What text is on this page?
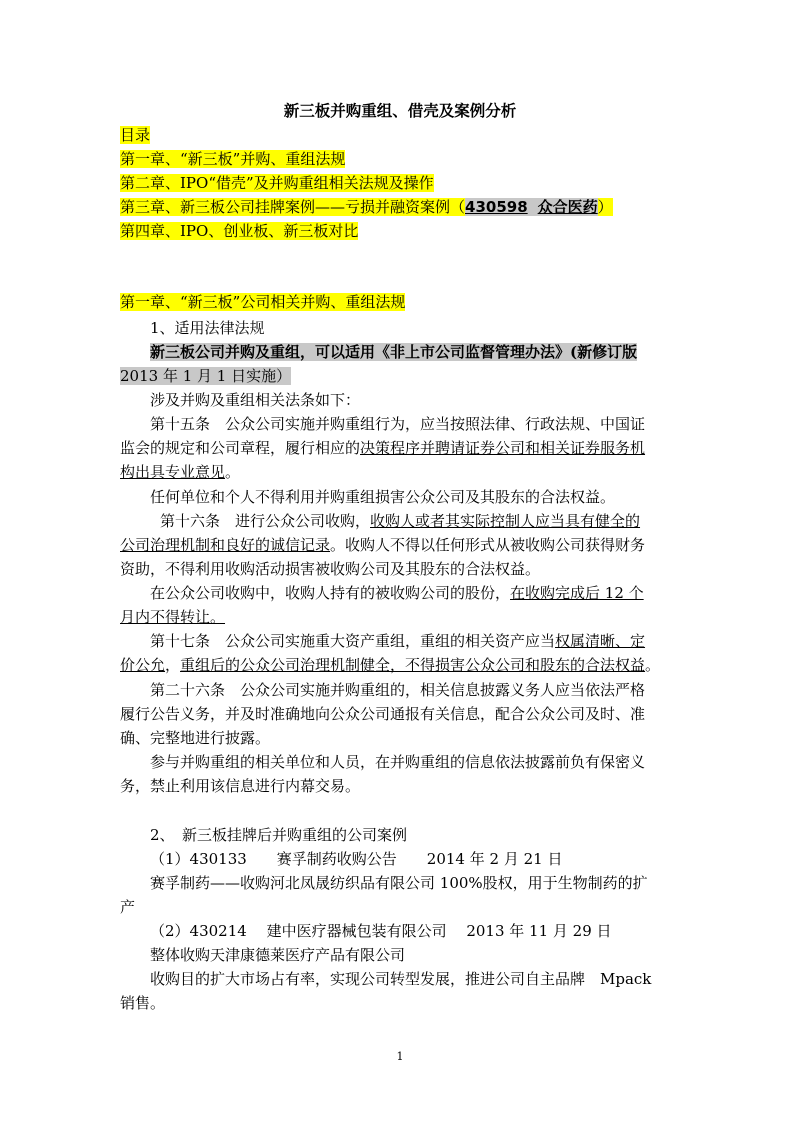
新三板并购重组、借壳及案例分析
目录
第一章、“新三板”并购、重组法规
第二章、IPO“借壳”及并购重组相关法规及操作
第三章、新三板公司挂牌案例——亏损并融资案例（430598 众合医药）
第四章、IPO、创业板、新三板对比
第一章、“新三板”公司相关并购、重组法规
1、适用法律法规
新三板公司并购及重组，可以适用《非上市公司监督管理办法》(新修订版
2013 年 1 月 1 日实施）
涉及并购及重组相关法条如下：
第十五条　公众公司实施并购重组行为，应当按照法律、行政法规、中国证
监会的规定和公司章程，履行相应的决策程序并聘请证券公司和相关证券服务机
构出具专业意见。
任何单位和个人不得利用并购重组损害公众公司及其股东的合法权益。
第十六条　进行公众公司收购，收购人或者其实际控制人应当具有健全的
公司治理机制和良好的诚信记录。收购人不得以任何形式从被收购公司获得财务
资助，不得利用收购活动损害被收购公司及其股东的合法权益。
在公众公司收购中，收购人持有的被收购公司的股份，在收购完成后 12 个
月内不得转让。
第十七条　公众公司实施重大资产重组，重组的相关资产应当权属清晰、定
价公允，重组后的公众公司治理机制健全，不得损害公众公司和股东的合法权益。
第二十六条　公众公司实施并购重组的，相关信息披露义务人应当依法严格
履行公告义务，并及时准确地向公众公司通报有关信息，配合公众公司及时、准
确、完整地进行披露。
参与并购重组的相关单位和人员，在并购重组的信息依法披露前负有保密义
务，禁止利用该信息进行内幕交易。
2、　新三板挂牌后并购重组的公司案例
（1）430133　　赛孚制药收购公告　　2014 年 2 月 21 日
赛孚制药——收购河北凤晟纺织品有限公司 100%股权，用于生物制药的扩
产
（2）430214　 建中医疗器械包装有限公司　 2013 年 11 月 29 日
整体收购天津康德莱医疗产品有限公司
收购目的扩大市场占有率，实现公司转型发展，推进公司自主品牌　Mpack
销售。
1
